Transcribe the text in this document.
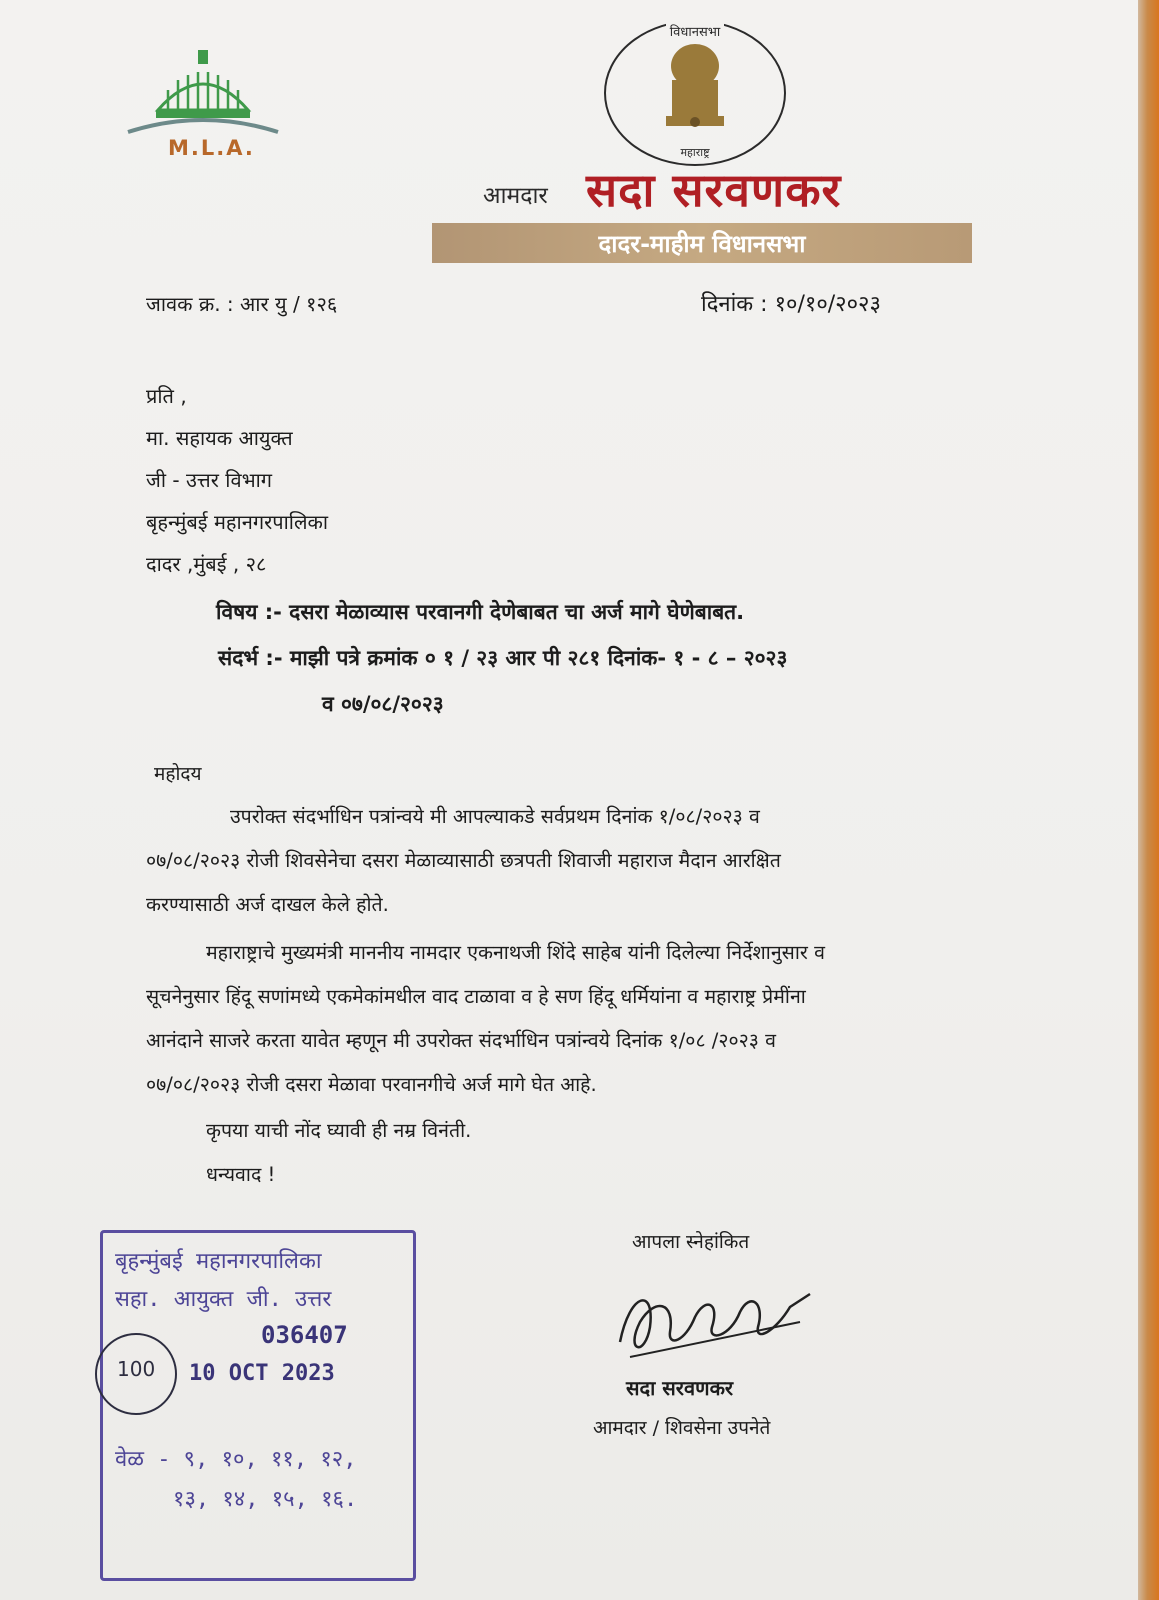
M.L.A.
विधानसभा
महाराष्ट्र
आमदार सदा सरवणकर
दादर-माहीम विधानसभा
जावक क्र. : आर यु / १२६	दिनांक : १०/१०/२०२३
प्रति ,
मा. सहायक आयुक्त
जी - उत्तर विभाग
बृहन्मुंबई महानगरपालिका
दादर ,मुंबई , २८
विषय :- दसरा मेळाव्यास परवानगी देणेबाबत चा अर्ज मागे घेणेबाबत.
संदर्भ :- माझी पत्रे क्रमांक ० १ / २३ आर पी २८१ दिनांक- १ - ८ – २०२३
व ०७/०८/२०२३
महोदय
उपरोक्त संदर्भाधिन पत्रांन्वये मी आपल्याकडे सर्वप्रथम दिनांक १/०८/२०२३ व
०७/०८/२०२३ रोजी शिवसेनेचा दसरा मेळाव्यासाठी छत्रपती शिवाजी महाराज मैदान आरक्षित
करण्यासाठी अर्ज दाखल केले होते.
महाराष्ट्राचे मुख्यमंत्री माननीय नामदार एकनाथजी शिंदे साहेब यांनी दिलेल्या निर्देशानुसार व
सूचनेनुसार हिंदू सणांमध्ये एकमेकांमधील वाद टाळावा व हे सण हिंदू धर्मियांना व महाराष्ट्र प्रेमींना
आनंदाने साजरे करता यावेत म्हणून मी उपरोक्त संदर्भाधिन पत्रांन्वये दिनांक १/०८ /२०२३ व
०७/०८/२०२३ रोजी दसरा मेळावा परवानगीचे अर्ज मागे घेत आहे.
कृपया याची नोंद घ्यावी ही नम्र विनंती.
धन्यवाद !
बृहन्मुंबई महानगरपालिका
सहा. आयुक्त जी. उत्तर
036407
100 10 OCT 2023
वेळ - ९, १०, ११, १२,
१३, १४, १५, १६.
आपला स्नेहांकित
सदा सरवणकर
आमदार / शिवसेना उपनेते
